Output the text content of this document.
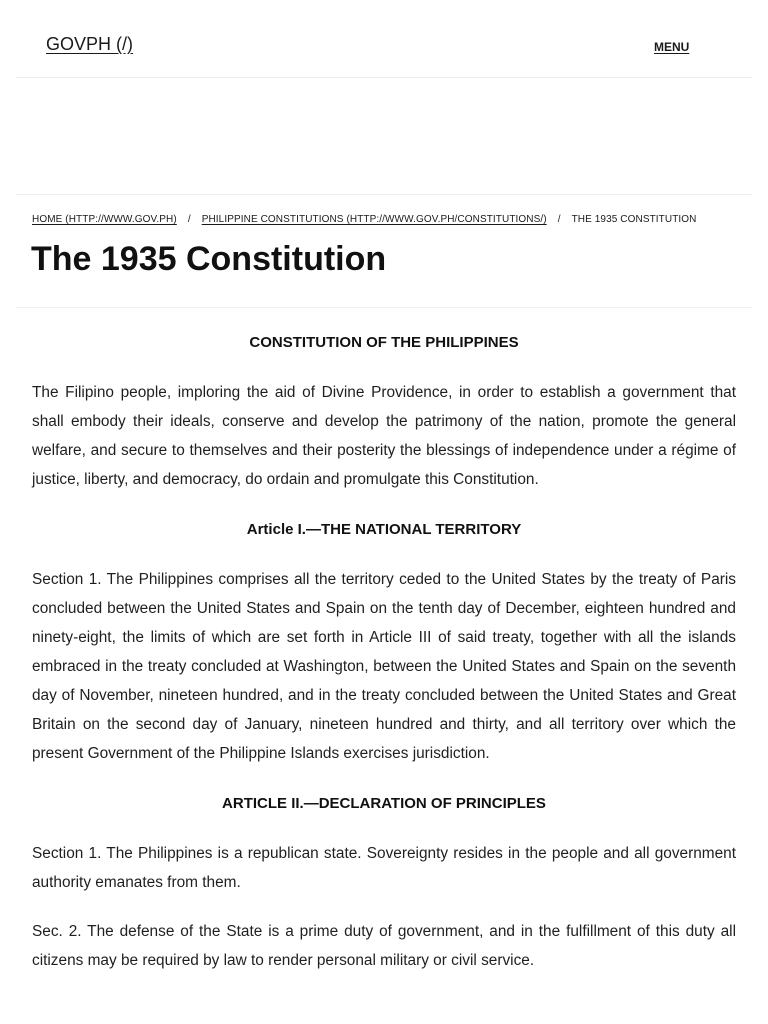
GOVPH (/)	MENU
HOME (HTTP://WWW.GOV.PH) / PHILIPPINE CONSTITUTIONS (HTTP://WWW.GOV.PH/CONSTITUTIONS/) / THE 1935 CONSTITUTION
The 1935 Constitution
CONSTITUTION OF THE PHILIPPINES

The Filipino people, imploring the aid of Divine Providence, in order to establish a government that shall embody their ideals, conserve and develop the patrimony of the nation, promote the general welfare, and secure to themselves and their posterity the blessings of independence under a régime of justice, liberty, and democracy, do ordain and promulgate this Constitution.

Article I.—THE NATIONAL TERRITORY

Section 1. The Philippines comprises all the territory ceded to the United States by the treaty of Paris concluded between the United States and Spain on the tenth day of December, eighteen hundred and ninety-eight, the limits of which are set forth in Article III of said treaty, together with all the islands embraced in the treaty concluded at Washington, between the United States and Spain on the seventh day of November, nineteen hundred, and in the treaty concluded between the United States and Great Britain on the second day of January, nineteen hundred and thirty, and all territory over which the present Government of the Philippine Islands exercises jurisdiction.

ARTICLE II.—DECLARATION OF PRINCIPLES

Section 1. The Philippines is a republican state. Sovereignty resides in the people and all government authority emanates from them.

Sec. 2. The defense of the State is a prime duty of government, and in the fulfillment of this duty all citizens may be required by law to render personal military or civil service.
